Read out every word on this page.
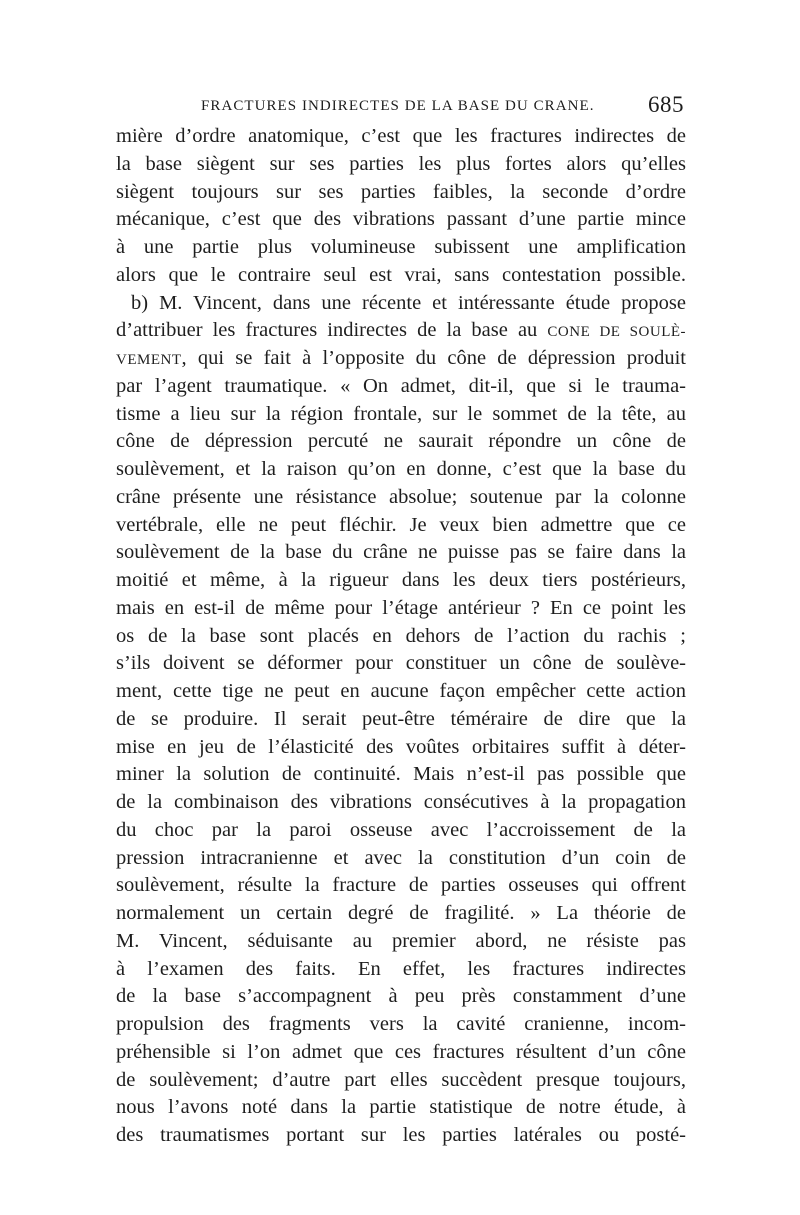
FRACTURES INDIRECTES DE LA BASE DU CRANE. 685
mière d’ordre anatomique, c’est que les fractures indirectes de
la base siègent sur ses parties les plus fortes alors qu’elles
siègent toujours sur ses parties faibles, la seconde d’ordre
mécanique, c’est que des vibrations passant d’une partie mince
à une partie plus volumineuse subissent une amplification
alors que le contraire seul est vrai, sans contestation possible.
b) M. Vincent, dans une récente et intéressante étude propose
d’attribuer les fractures indirectes de la base au CONE DE SOULÈ-
VEMENT, qui se fait à l’opposite du cône de dépression produit
par l’agent traumatique. « On admet, dit-il, que si le trauma-
tisme a lieu sur la région frontale, sur le sommet de la tête, au
cône de dépression percuté ne saurait répondre un cône de
soulèvement, et la raison qu’on en donne, c’est que la base du
crâne présente une résistance absolue; soutenue par la colonne
vertébrale, elle ne peut fléchir. Je veux bien admettre que ce
soulèvement de la base du crâne ne puisse pas se faire dans la
moitié et même, à la rigueur dans les deux tiers postérieurs,
mais en est-il de même pour l’étage antérieur ? En ce point les
os de la base sont placés en dehors de l’action du rachis ;
s’ils doivent se déformer pour constituer un cône de soulève-
ment, cette tige ne peut en aucune façon empêcher cette action
de se produire. Il serait peut-être téméraire de dire que la
mise en jeu de l’élasticité des voûtes orbitaires suffit à déter-
miner la solution de continuité. Mais n’est-il pas possible que
de la combinaison des vibrations consécutives à la propagation
du choc par la paroi osseuse avec l’accroissement de la
pression intracranienne et avec la constitution d’un coin de
soulèvement, résulte la fracture de parties osseuses qui offrent
normalement un certain degré de fragilité. » La théorie de
M. Vincent, séduisante au premier abord, ne résiste pas
à l’examen des faits. En effet, les fractures indirectes
de la base s’accompagnent à peu près constamment d’une
propulsion des fragments vers la cavité cranienne, incom-
préhensible si l’on admet que ces fractures résultent d’un cône
de soulèvement; d’autre part elles succèdent presque toujours,
nous l’avons noté dans la partie statistique de notre étude, à
des traumatismes portant sur les parties latérales ou posté-
